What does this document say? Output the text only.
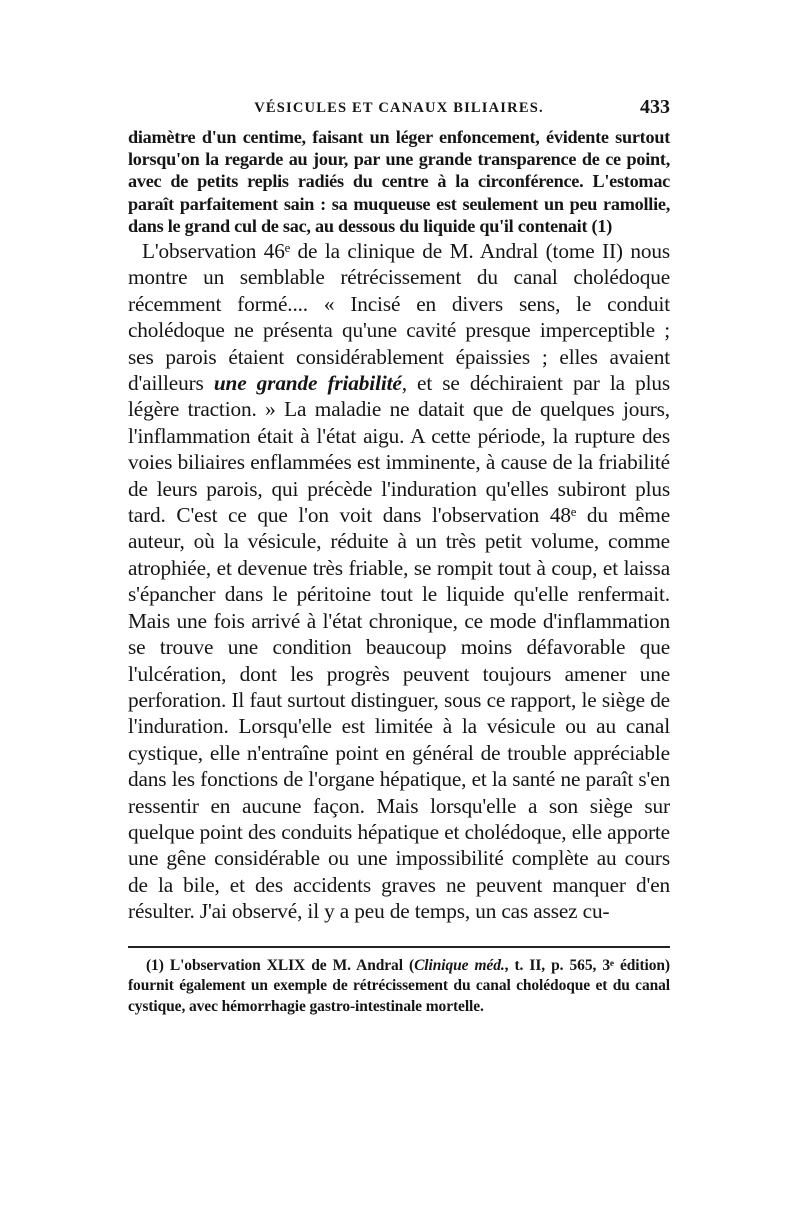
VÉSICULES ET CANAUX BILIAIRES.	433

diamètre d'un centime, faisant un léger enfoncement, évidente surtout lorsqu'on la regarde au jour, par une grande transparence de ce point, avec de petits replis radiés du centre à la circonférence. L'estomac paraît parfaitement sain : sa muqueuse est seulement un peu ramollie, dans le grand cul de sac, au dessous du liquide qu'il contenait (1)

L'observation 46ᵉ de la clinique de M. Andral (tome II) nous montre un semblable rétrécissement du canal cholédoque récemment formé.... « Incisé en divers sens, le conduit cholédoque ne présenta qu'une cavité presque imperceptible ; ses parois étaient considérablement épaissies ; elles avaient d'ailleurs une grande friabilité, et se déchiraient par la plus légère traction. » La maladie ne datait que de quelques jours, l'inflammation était à l'état aigu. A cette période, la rupture des voies biliaires enflammées est imminente, à cause de la friabilité de leurs parois, qui précède l'induration qu'elles subiront plus tard. C'est ce que l'on voit dans l'observation 48ᵉ du même auteur, où la vésicule, réduite à un très petit volume, comme atrophiée, et devenue très friable, se rompit tout à coup, et laissa s'épancher dans le péritoine tout le liquide qu'elle renfermait. Mais une fois arrivé à l'état chronique, ce mode d'inflammation se trouve une condition beaucoup moins défavorable que l'ulcération, dont les progrès peuvent toujours amener une perforation. Il faut surtout distinguer, sous ce rapport, le siège de l'induration. Lorsqu'elle est limitée à la vésicule ou au canal cystique, elle n'entraîne point en général de trouble appréciable dans les fonctions de l'organe hépatique, et la santé ne paraît s'en ressentir en aucune façon. Mais lorsqu'elle a son siège sur quelque point des conduits hépatique et cholédoque, elle apporte une gêne considérable ou une impossibilité complète au cours de la bile, et des accidents graves ne peuvent manquer d'en résulter. J'ai observé, il y a peu de temps, un cas assez cu-

(1) L'observation XLIX de M. Andral (Clinique méd., t. II, p. 565, 3ᵉ édition) fournit également un exemple de rétrécissement du canal cholédoque et du canal cystique, avec hémorrhagie gastro-intestinale mortelle.
